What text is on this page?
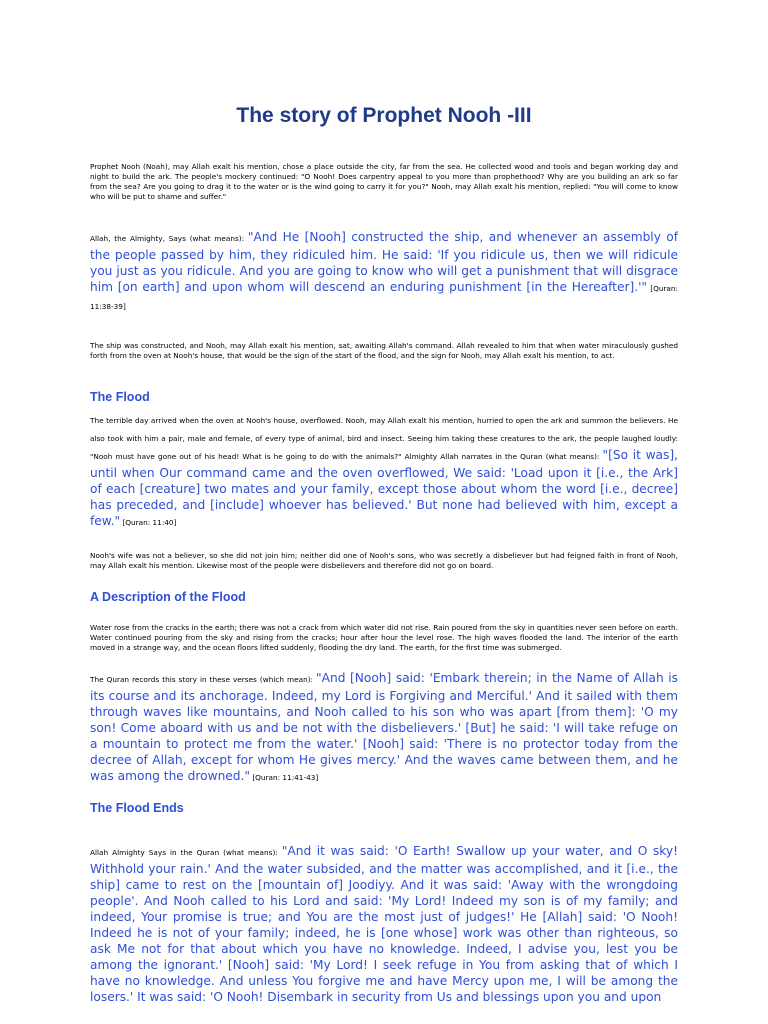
The story of Prophet Nooh -III

Prophet Nooh (Noah), may Allah exalt his mention, chose a place outside the city, far from the sea. He collected wood and tools and began working day and night to build the ark. The people's mockery continued: "O Nooh! Does carpentry appeal to you more than prophethood? Why are you building an ark so far from the sea? Are you going to drag it to the water or is the wind going to carry it for you?" Nooh, may Allah exalt his mention, replied: "You will come to know who will be put to shame and suffer."

Allah, the Almighty, Says (what means): "And He [Nooh] constructed the ship, and whenever an assembly of the people passed by him, they ridiculed him. He said: 'If you ridicule us, then we will ridicule you just as you ridicule. And you are going to know who will get a punishment that will disgrace him [on earth] and upon whom will descend an enduring punishment [in the Hereafter].'" [Quran: 11:38-39]

The ship was constructed, and Nooh, may Allah exalt his mention, sat, awaiting Allah's command. Allah revealed to him that when water miraculously gushed forth from the oven at Nooh's house, that would be the sign of the start of the flood, and the sign for Nooh, may Allah exalt his mention, to act.

The Flood

The terrible day arrived when the oven at Nooh's house, overflowed. Nooh, may Allah exalt his mention, hurried to open the ark and summon the believers. He also took with him a pair, male and female, of every type of animal, bird and insect. Seeing him taking these creatures to the ark, the people laughed loudly: "Nooh must have gone out of his head! What is he going to do with the animals?" Almighty Allah narrates in the Quran (what means): "[So it was], until when Our command came and the oven overflowed, We said: 'Load upon it [i.e., the Ark] of each [creature] two mates and your family, except those about whom the word [i.e., decree] has preceded, and [include] whoever has believed.' But none had believed with him, except a few." [Quran: 11:40]

Nooh's wife was not a believer, so she did not join him; neither did one of Nooh's sons, who was secretly a disbeliever but had feigned faith in front of Nooh, may Allah exalt his mention. Likewise most of the people were disbelievers and therefore did not go on board.

A Description of the Flood

Water rose from the cracks in the earth; there was not a crack from which water did not rise. Rain poured from the sky in quantities never seen before on earth. Water continued pouring from the sky and rising from the cracks; hour after hour the level rose. The high waves flooded the land. The interior of the earth moved in a strange way, and the ocean floors lifted suddenly, flooding the dry land. The earth, for the first time was submerged.

The Quran records this story in these verses (which mean): "And [Nooh] said: 'Embark therein; in the Name of Allah is its course and its anchorage. Indeed, my Lord is Forgiving and Merciful.' And it sailed with them through waves like mountains, and Nooh called to his son who was apart [from them]: 'O my son! Come aboard with us and be not with the disbelievers.' [But] he said: 'I will take refuge on a mountain to protect me from the water.' [Nooh] said: 'There is no protector today from the decree of Allah, except for whom He gives mercy.' And the waves came between them, and he was among the drowned." [Quran: 11:41-43]

The Flood Ends

Allah Almighty Says in the Quran (what means): "And it was said: 'O Earth! Swallow up your water, and O sky! Withhold your rain.' And the water subsided, and the matter was accomplished, and it [i.e., the ship] came to rest on the [mountain of] Joodiyy. And it was said: 'Away with the wrongdoing people'. And Nooh called to his Lord and said: 'My Lord! Indeed my son is of my family; and indeed, Your promise is true; and You are the most just of judges!' He [Allah] said: 'O Nooh! Indeed he is not of your family; indeed, he is [one whose] work was other than righteous, so ask Me not for that about which you have no knowledge. Indeed, I advise you, lest you be among the ignorant.' [Nooh] said: 'My Lord! I seek refuge in You from asking that of which I have no knowledge. And unless You forgive me and have Mercy upon me, I will be among the losers.' It was said: 'O Nooh! Disembark in security from Us and blessings upon you and upon
